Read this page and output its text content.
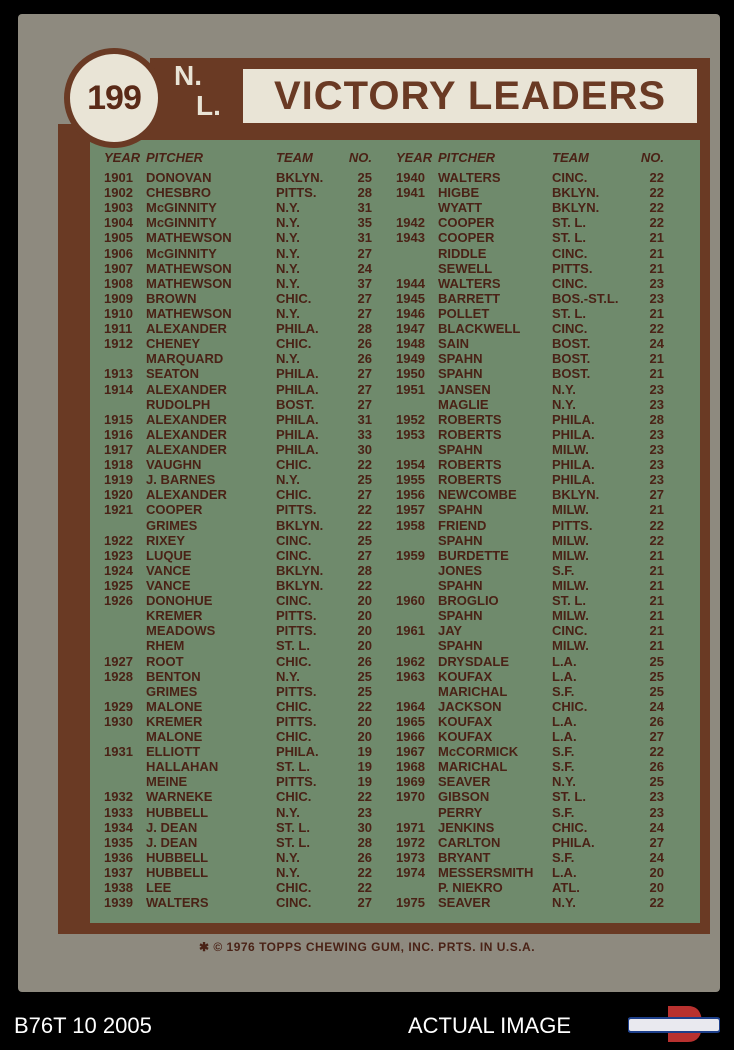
199
N.
L. VICTORY LEADERS
YEAR PITCHER	TEAM	NO.
1901 DONOVAN	BKLYN.	25
1902 CHESBRO	PITTS.	28
1903 McGINNITY	N.Y.	31
1904 McGINNITY	N.Y.	35
1905 MATHEWSON	N.Y.	31
1906 McGINNITY	N.Y.	27
1907 MATHEWSON	N.Y.	24
1908 MATHEWSON	N.Y.	37
1909 BROWN	CHIC.	27
1910 MATHEWSON	N.Y.	27
1911 ALEXANDER	PHILA.	28
1912 CHENEY	CHIC.	26
MARQUARD	N.Y.	26
1913 SEATON	PHILA.	27
1914 ALEXANDER	PHILA.	27
RUDOLPH	BOST.	27
1915 ALEXANDER	PHILA.	31
1916 ALEXANDER	PHILA.	33
1917 ALEXANDER	PHILA.	30
1918 VAUGHN	CHIC.	22
1919 J. BARNES	N.Y.	25
1920 ALEXANDER	CHIC.	27
1921 COOPER	PITTS.	22
GRIMES	BKLYN.	22
1922 RIXEY	CINC.	25
1923 LUQUE	CINC.	27
1924 VANCE	BKLYN.	28
1925 VANCE	BKLYN.	22
1926 DONOHUE	CINC.	20
KREMER	PITTS.	20
MEADOWS	PITTS.	20
RHEM	ST. L.	20
1927 ROOT	CHIC.	26
1928 BENTON	N.Y.	25
GRIMES	PITTS.	25
1929 MALONE	CHIC.	22
1930 KREMER	PITTS.	20
MALONE	CHIC.	20
1931 ELLIOTT	PHILA.	19
HALLAHAN	ST. L.	19
MEINE	PITTS.	19
1932 WARNEKE	CHIC.	22
1933 HUBBELL	N.Y.	23
1934 J. DEAN	ST. L.	30
1935 J. DEAN	ST. L.	28
1936 HUBBELL	N.Y.	26
1937 HUBBELL	N.Y.	22
1938 LEE	CHIC.	22
1939 WALTERS	CINC.	27
YEAR PITCHER	TEAM	NO.
1940 WALTERS	CINC.	22
1941 HIGBE	BKLYN.	22
WYATT	BKLYN.	22
1942 COOPER	ST. L.	22
1943 COOPER	ST. L.	21
RIDDLE	CINC.	21
SEWELL	PITTS.	21
1944 WALTERS	CINC.	23
1945 BARRETT	BOS.-ST.L. 23
1946 POLLET	ST. L.	21
1947 BLACKWELL CINC.	22
1948 SAIN	BOST.	24
1949 SPAHN	BOST.	21
1950 SPAHN	BOST.	21
1951 JANSEN	N.Y.	23
MAGLIE	N.Y.	23
1952 ROBERTS	PHILA.	28
1953 ROBERTS	PHILA.	23
SPAHN	MILW.	23
1954 ROBERTS	PHILA.	23
1955 ROBERTS	PHILA.	23
1956 NEWCOMBE	BKLYN.	27
1957 SPAHN	MILW.	21
1958 FRIEND	PITTS.	22
SPAHN	MILW.	22
1959 BURDETTE	MILW.	21
JONES	S.F.	21
SPAHN	MILW.	21
1960 BROGLIO	ST. L.	21
SPAHN	MILW.	21
1961 JAY	CINC.	21
SPAHN	MILW.	21
1962 DRYSDALE	L.A.	25
1963 KOUFAX	L.A.	25
MARICHAL	S.F.	25
1964 JACKSON	CHIC.	24
1965 KOUFAX	L.A.	26
1966 KOUFAX	L.A.	27
1967 McCORMICK	S.F.	22
1968 MARICHAL	S.F.	26
1969 SEAVER	N.Y.	25
1970 GIBSON	ST. L.	23
PERRY	S.F.	23
1971 JENKINS	CHIC.	24
1972 CARLTON	PHILA.	27
1973 BRYANT	S.F.	24
1974 MESSERSMITH L.A.	20
P. NIEKRO	ATL.	20
1975 SEAVER	N.Y.	22
✱ © 1976 TOPPS CHEWING GUM, INC. PRTS. IN U.S.A.
B76T 10 2005	ACTUAL IMAGE
